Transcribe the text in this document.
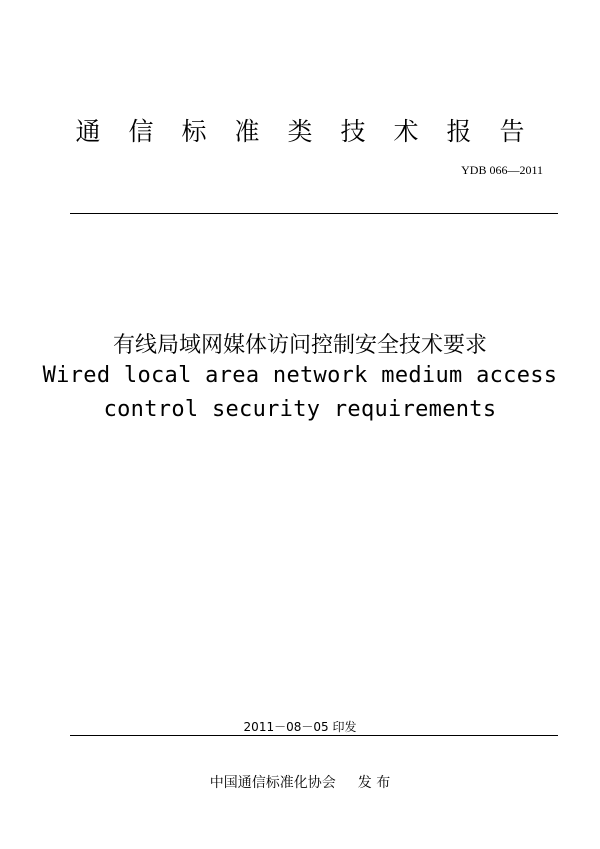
通信标准类技术报告
YDB 066—2011
有线局域网媒体访问控制安全技术要求
Wired local area network medium access
control security requirements
2011－08－05 印发
中国通信标准化协会 发 布
